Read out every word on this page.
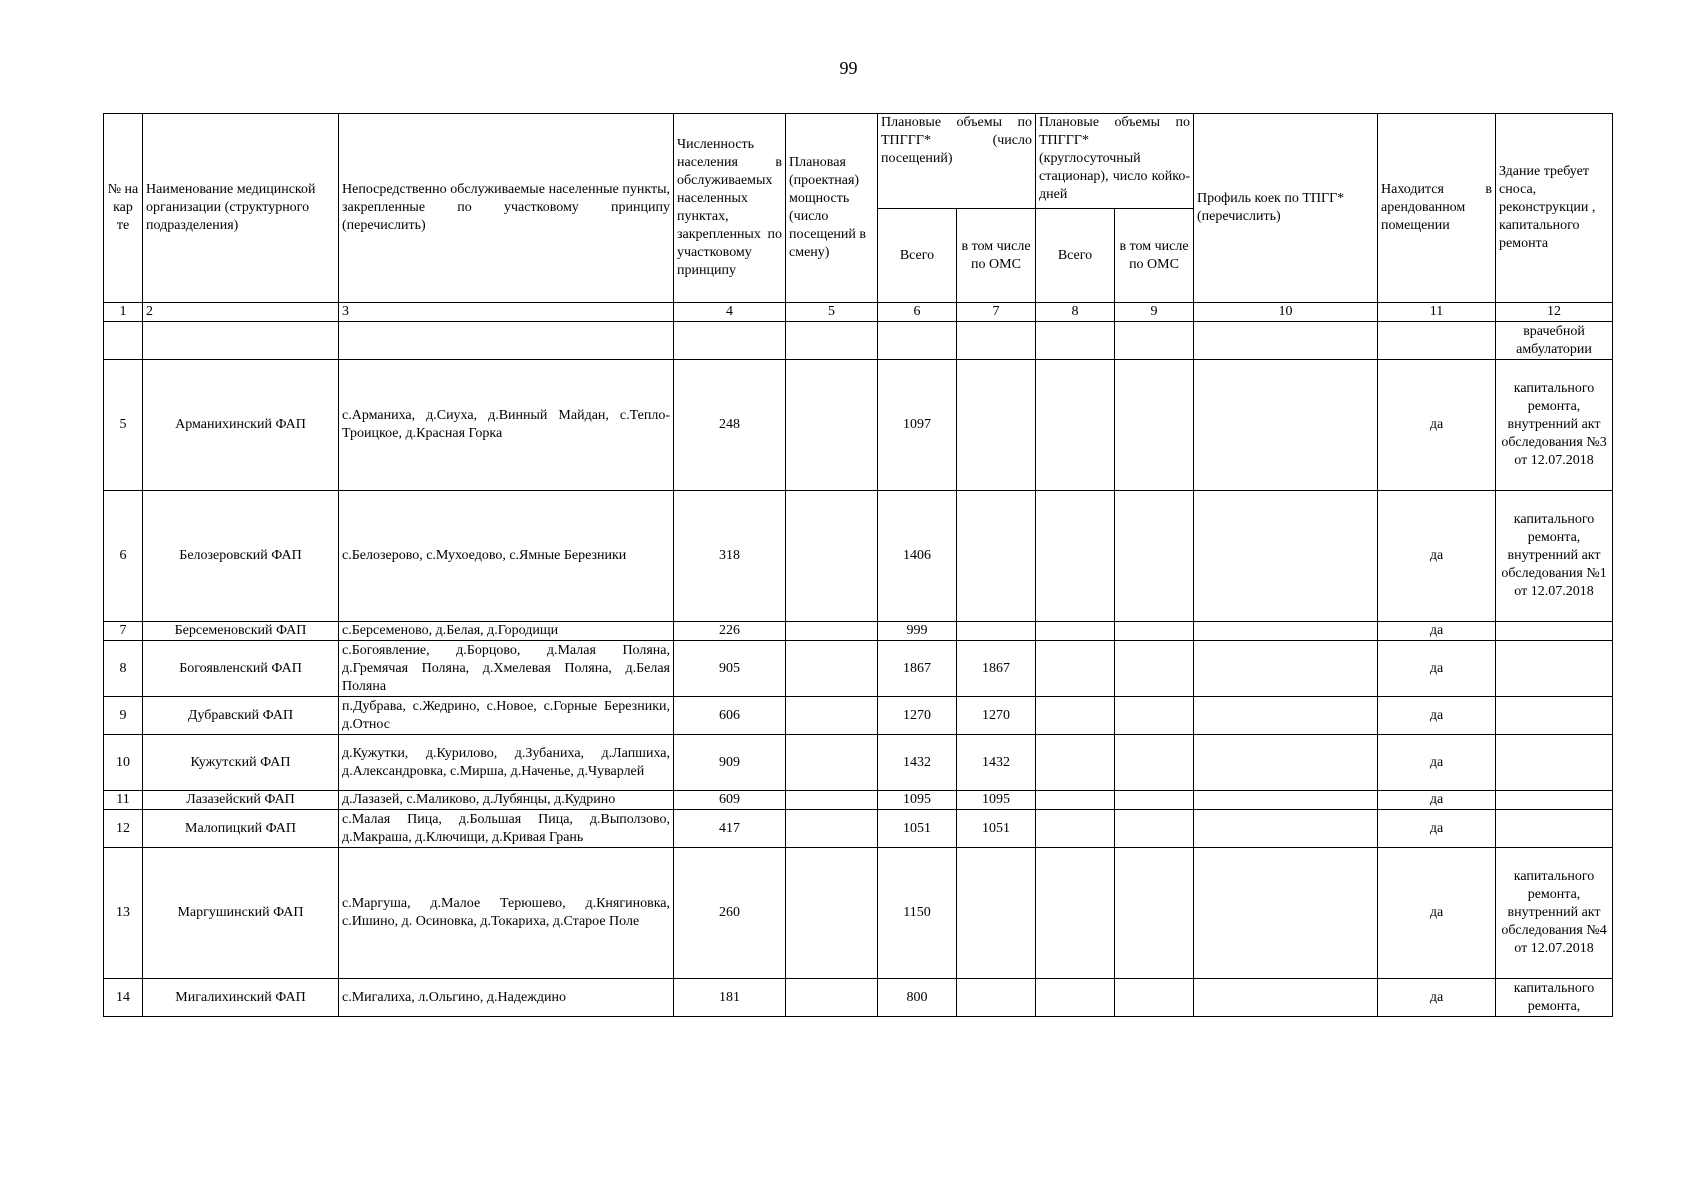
99
№ на кар те	Наименование медицинской организации (структурного подразделения)	Непосредственно обслуживаемые населенные пункты, закрепленные по участковому принципу (перечислить)	Численность населения в обслуживаемых населенных пунктах, закрепленных по участковому принципу	Плановая (проектная) мощность (число посещений в смену)	Плановые объемы по ТПГГГ* (число посещений)		Плановые объемы по ТПГГГ* (круглосуточный стационар), число койко-дней		Профиль коек по ТПГГ* (перечислить)	Находится в арендованном помещении	Здание требует сноса, реконструкции , капитального ремонта
					Всего	в том числе по ОМС	Всего	в том числе по ОМС			
1	2	3	4	5	6	7	8	9	10	11	12
											врачебной амбулатории
5	Арманихинский ФАП	с.Арманиха, д.Сиуха, д.Винный Майдан, с.Тепло- Троицкое, д.Красная Горка	248		1097					да	капитального ремонта, внутренний акт обследования №3 от 12.07.2018
6	Белозеровский ФАП	с.Белозерово, с.Мухоедово, с.Ямные Березники	318		1406					да	капитального ремонта, внутренний акт обследования №1 от 12.07.2018
7	Берсеменовский ФАП	с.Берсеменово, д.Белая, д.Городищи	226		999					да	
8	Богоявленский ФАП	с.Богоявление, д.Борцово, д.Малая Поляна, д.Гремячая Поляна, д.Хмелевая Поляна, д.Белая Поляна	905		1867	1867				да	
9	Дубравский ФАП	п.Дубрава, с.Жедрино, с.Новое, с.Горные Березники, д.Относ	606		1270	1270				да	
10	Кужутский ФАП	д.Кужутки, д.Курилово, д.Зубаниха, д.Лапшиха, д.Александровка, с.Мирша, д.Наченье, д.Чуварлей	909		1432	1432				да	
11	Лазазейский ФАП	д.Лазазей, с.Маликово, д.Лубянцы, д.Кудрино	609		1095	1095				да	
12	Малопицкий ФАП	с.Малая Пица, д.Большая Пица, д.Выползово, д.Макраша, д.Ключищи, д.Кривая Грань	417		1051	1051				да	
13	Маргушинский ФАП	с.Маргуша, д.Малое Терюшево, д.Княгиновка, с.Ишино, д. Осиновка, д.Токариха, д.Старое Поле	260		1150					да	капитального ремонта, внутренний акт обследования №4 от 12.07.2018
14	Мигалихинский ФАП	с.Мигалиха, л.Ольгино, д.Надеждино	181		800					да	капитального ремонта,
